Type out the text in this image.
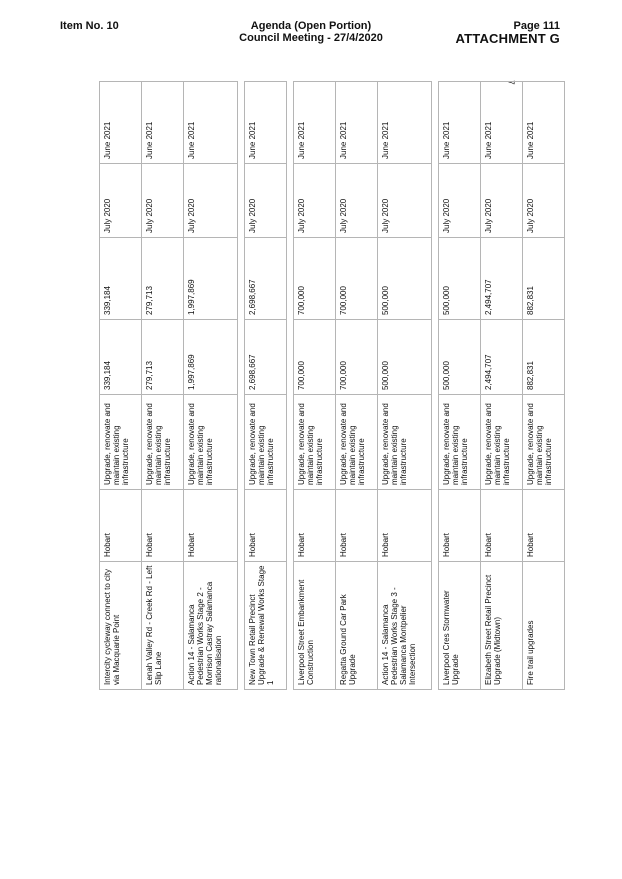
Item No. 10	Agenda (Open Portion)
Council Meeting - 27/4/2020
Page 111
ATTACHMENT G
7
Intercity cycleway connect to city via Macquarie Point	Hobart	Upgrade, renovate and maintain existing infrastructure	339,184	339,184	July 2020	June 2021
Lenah Valley Rd - Creek Rd - Left Slip Lane	Hobart	Upgrade, renovate and maintain existing infrastructure	279,713	279,713	July 2020	June 2021
Action 14 - Salamanca Pedestrian Works Stage 2 - Morrison Castray Salamanca rationalisation	Hobart	Upgrade, renovate and maintain existing infrastructure	1,997,869	1,997,869	July 2020	June 2021

New Town Retail Precinct Upgrade & Renewal Works Stage 1	Hobart	Upgrade, renovate and maintain existing infrastructure	2,698,667	2,698,667	July 2020	June 2021

Liverpool Street Embankment Construction	Hobart	Upgrade, renovate and maintain existing infrastructure	700,000	700,000	July 2020	June 2021
Regatta Ground Car Park Upgrade	Hobart	Upgrade, renovate and maintain existing infrastructure	700,000	700,000	July 2020	June 2021
Action 14 - Salamanca Pedestrian Works Stage 3 - Salamanca Montpelier Intersection	Hobart	Upgrade, renovate and maintain existing infrastructure	500,000	500,000	July 2020	June 2021

Liverpool Cres Stormwater Upgrade	Hobart	Upgrade, renovate and maintain existing infrastructure	500,000	500,000	July 2020	June 2021
Elizabeth Street Retail Precinct Upgrade (Midtown)	Hobart	Upgrade, renovate and maintain existing infrastructure	2,494,707	2,494,707	July 2020	June 2021
Fire trail upgrades	Hobart	Upgrade, renovate and maintain existing infrastructure	882,831	882,831	July 2020	June 2021
